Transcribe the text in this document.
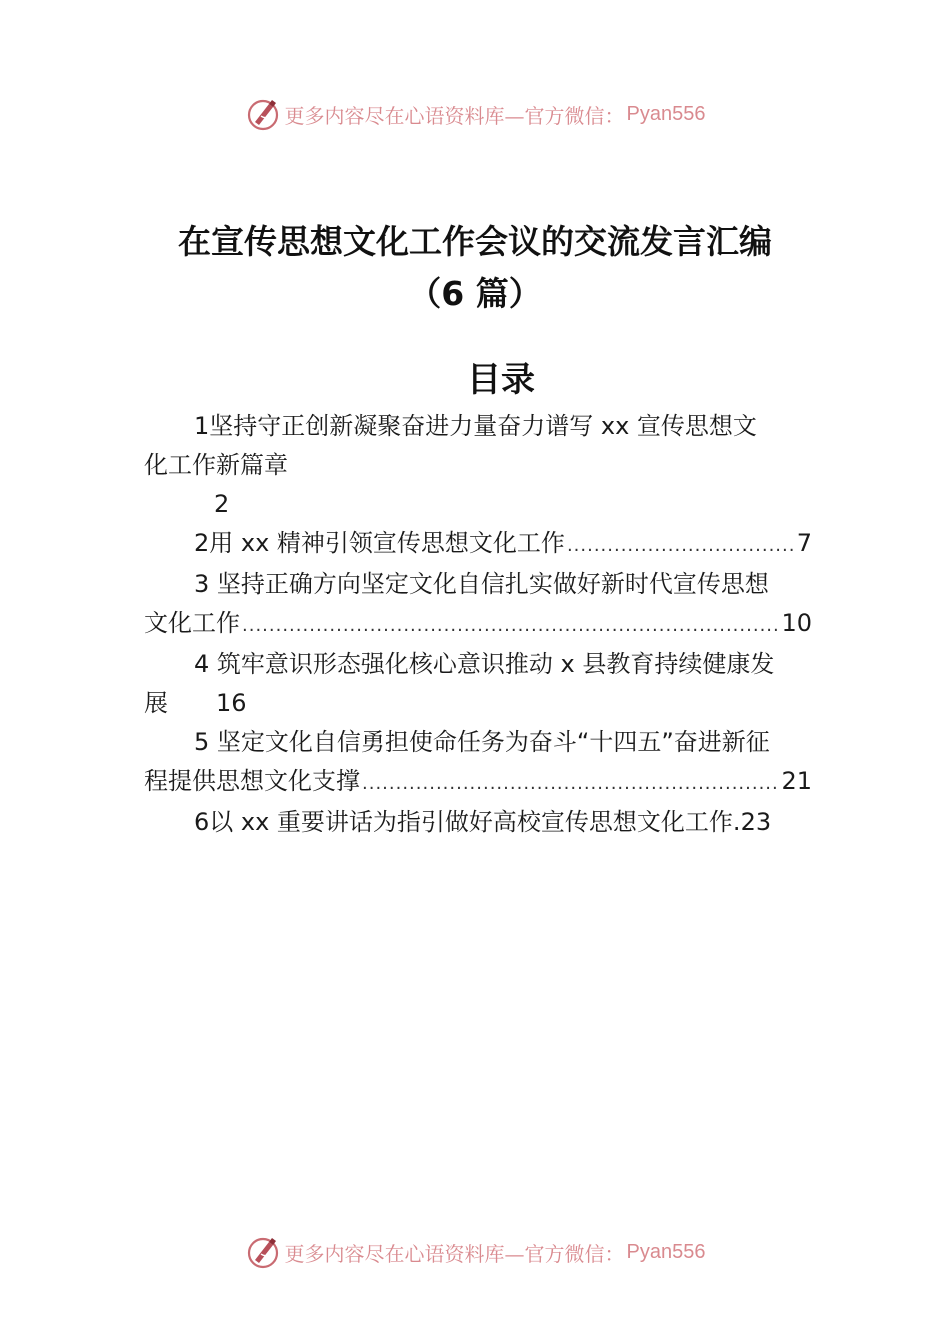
更多内容尽在心语资料库—官方微信： Pyan556
在宣传思想文化工作会议的交流发言汇编
（6 篇）
目录
1坚持守正创新凝聚奋进力量奋力谱写 xx 宣传思想文
化工作新篇章
2
2用 xx 精神引领宣传思想文化工作 .....	7
3 坚持正确方向坚定文化自信扎实做好新时代宣传思想
文化工作 .....	10
4 筑牢意识形态强化核心意识推动 x 县教育持续健康发
展 16
5 坚定文化自信勇担使命任务为奋斗“十四五”奋进新征
程提供思想文化支撑 .....	21
6以 xx 重要讲话为指引做好高校宣传思想文化工作.23
更多内容尽在心语资料库—官方微信： Pyan556
